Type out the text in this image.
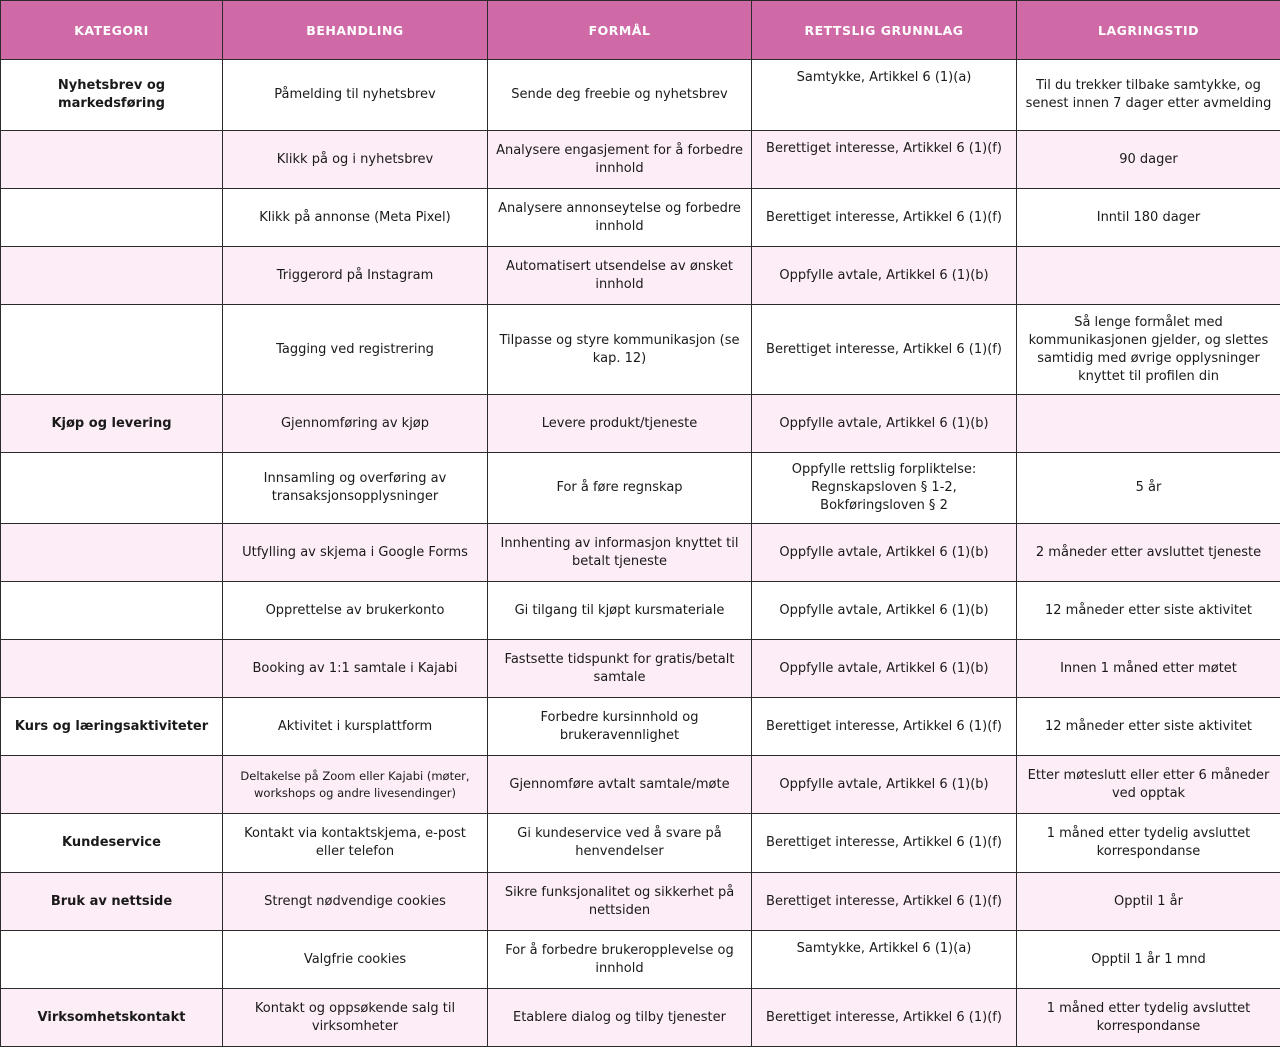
KATEGORI	BEHANDLING	FORMÅL	RETTSLIG GRUNNLAG	LAGRINGSTID
Nyhetsbrev og markedsføring	Påmelding til nyhetsbrev	Sende deg freebie og nyhetsbrev	Samtykke, Artikkel 6 (1)(a)	Til du trekker tilbake samtykke, og senest innen 7 dager etter avmelding
	Klikk på og i nyhetsbrev	Analysere engasjement for å forbedre innhold	Berettiget interesse, Artikkel 6 (1)(f)	90 dager
	Klikk på annonse (Meta Pixel)	Analysere annonseytelse og forbedre innhold	Berettiget interesse, Artikkel 6 (1)(f)	Inntil 180 dager
	Triggerord på Instagram	Automatisert utsendelse av ønsket innhold	Oppfylle avtale, Artikkel 6 (1)(b)	
	Tagging ved registrering	Tilpasse og styre kommunikasjon (se kap. 12)	Berettiget interesse, Artikkel 6 (1)(f)	Så lenge formålet med kommunikasjonen gjelder, og slettes samtidig med øvrige opplysninger knyttet til profilen din
Kjøp og levering	Gjennomføring av kjøp	Levere produkt/tjeneste	Oppfylle avtale, Artikkel 6 (1)(b)	
	Innsamling og overføring av transaksjonsopplysninger	For å føre regnskap	Oppfylle rettslig forpliktelse: Regnskapsloven § 1-2, Bokføringsloven § 2	5 år
	Utfylling av skjema i Google Forms	Innhenting av informasjon knyttet til betalt tjeneste	Oppfylle avtale, Artikkel 6 (1)(b)	2 måneder etter avsluttet tjeneste
	Opprettelse av brukerkonto	Gi tilgang til kjøpt kursmateriale	Oppfylle avtale, Artikkel 6 (1)(b)	12 måneder etter siste aktivitet
	Booking av 1:1 samtale i Kajabi	Fastsette tidspunkt for gratis/betalt samtale	Oppfylle avtale, Artikkel 6 (1)(b)	Innen 1 måned etter møtet
Kurs og læringsaktiviteter	Aktivitet i kursplattform	Forbedre kursinnhold og brukeravennlighet	Berettiget interesse, Artikkel 6 (1)(f)	12 måneder etter siste aktivitet
	Deltakelse på Zoom eller Kajabi (møter, workshops og andre livesendinger)	Gjennomføre avtalt samtale/møte	Oppfylle avtale, Artikkel 6 (1)(b)	Etter møteslutt eller etter 6 måneder ved opptak
Kundeservice	Kontakt via kontaktskjema, e-post eller telefon	Gi kundeservice ved å svare på henvendelser	Berettiget interesse, Artikkel 6 (1)(f)	1 måned etter tydelig avsluttet korrespondanse
Bruk av nettside	Strengt nødvendige cookies	Sikre funksjonalitet og sikkerhet på nettsiden	Berettiget interesse, Artikkel 6 (1)(f)	Opptil 1 år
	Valgfrie cookies	For å forbedre brukeropplevelse og innhold	Samtykke, Artikkel 6 (1)(a)	Opptil 1 år 1 mnd
Virksomhetskontakt	Kontakt og oppsøkende salg til virksomheter	Etablere dialog og tilby tjenester	Berettiget interesse, Artikkel 6 (1)(f)	1 måned etter tydelig avsluttet korrespondanse
